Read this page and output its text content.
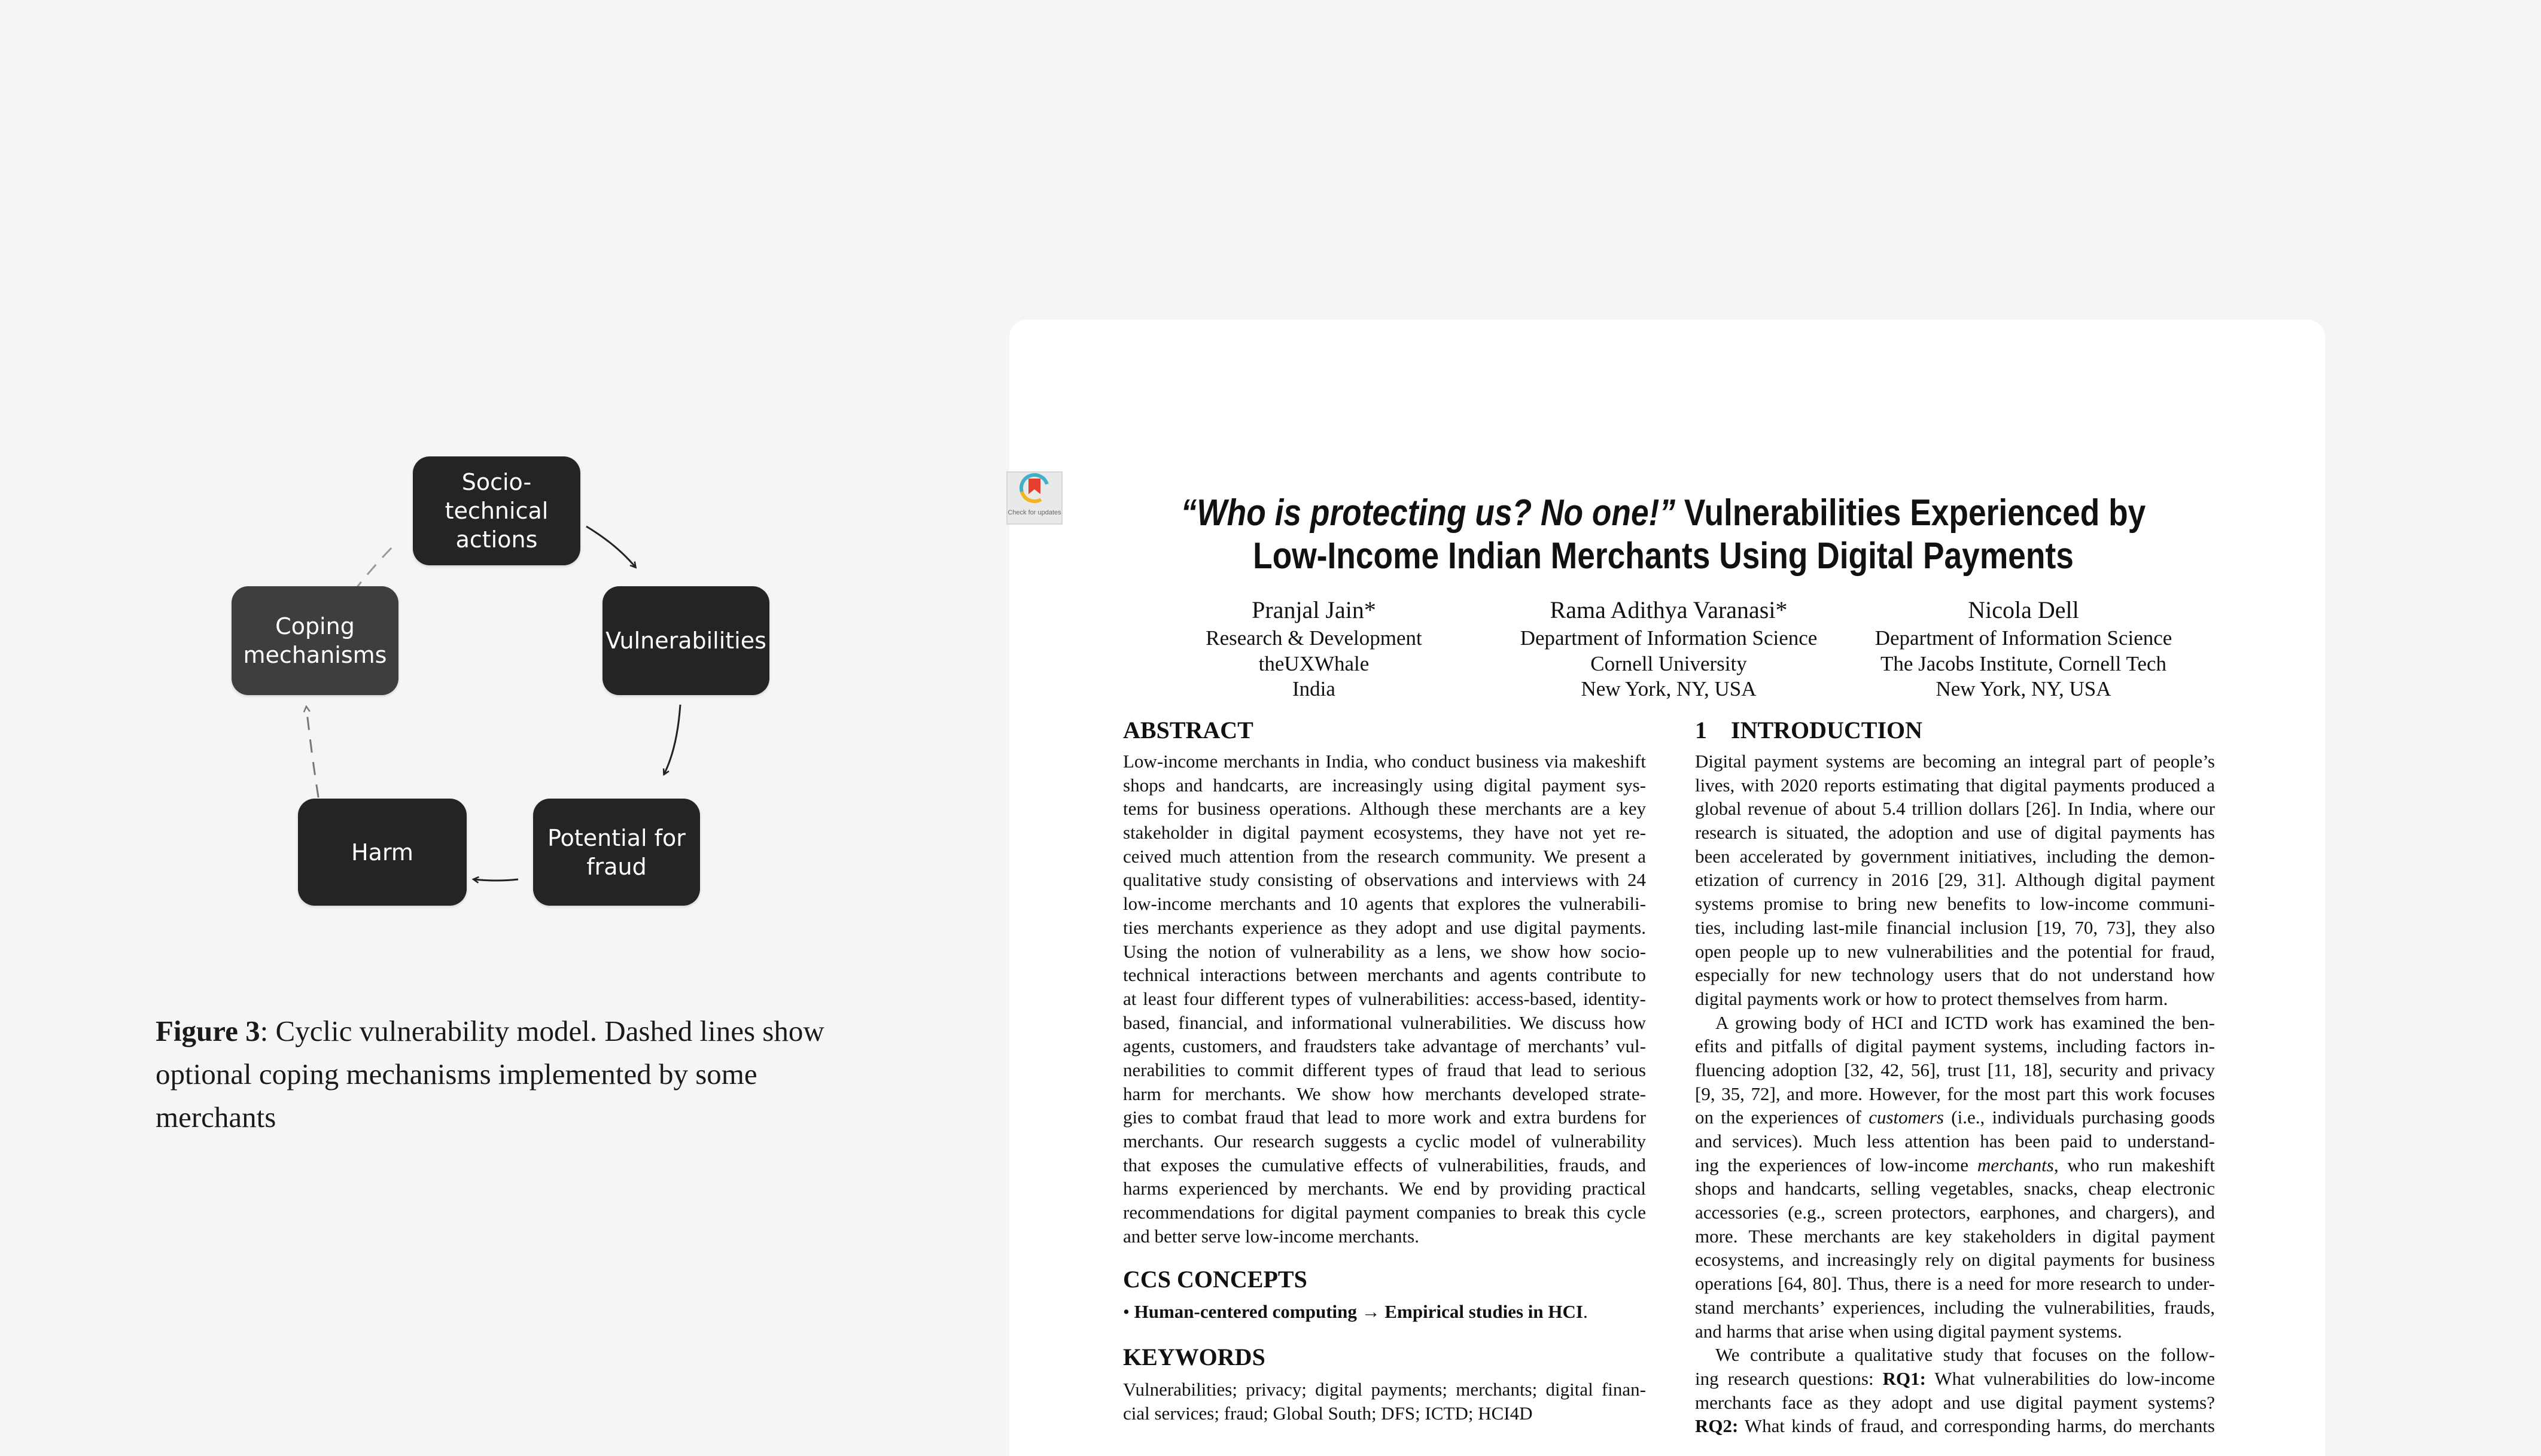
Socio-
technical
actions
Vulnerabilities
Potential for
fraud
Harm
Coping
mechanisms
Figure 3: Cyclic vulnerability model. Dashed lines show optional coping mechanisms implemented by some merchants
Check for updates	“Who is protecting us? No one!” Vulnerabilities Experienced by
Low-Income Indian Merchants Using Digital Payments
Pranjal Jain*
Research & Development
theUXWhale
India
Rama Adithya Varanasi*
Department of Information Science
Cornell University
New York, NY, USA
Nicola Dell
Department of Information Science
The Jacobs Institute, Cornell Tech
New York, NY, USA
ABSTRACT
Low-income merchants in India, who conduct business via makeshift
shops and handcarts, are increasingly using digital payment sys-
tems for business operations. Although these merchants are a key
stakeholder in digital payment ecosystems, they have not yet re-
ceived much attention from the research community. We present a
qualitative study consisting of observations and interviews with 24
low-income merchants and 10 agents that explores the vulnerabili-
ties merchants experience as they adopt and use digital payments.
Using the notion of vulnerability as a lens, we show how socio-
technical interactions between merchants and agents contribute to
at least four different types of vulnerabilities: access-based, identity-
based, financial, and informational vulnerabilities. We discuss how
agents, customers, and fraudsters take advantage of merchants’ vul-
nerabilities to commit different types of fraud that lead to serious
harm for merchants. We show how merchants developed strate-
gies to combat fraud that lead to more work and extra burdens for
merchants. Our research suggests a cyclic model of vulnerability
that exposes the cumulative effects of vulnerabilities, frauds, and
harms experienced by merchants. We end by providing practical
recommendations for digital payment companies to break this cycle
and better serve low-income merchants.
CCS CONCEPTS
• Human-centered computing → Empirical studies in HCI.
KEYWORDS
Vulnerabilities; privacy; digital payments; merchants; digital finan-
cial services; fraud; Global South; DFS; ICTD; HCI4D
1 INTRODUCTION
Digital payment systems are becoming an integral part of people’s
lives, with 2020 reports estimating that digital payments produced a
global revenue of about 5.4 trillion dollars [26]. In India, where our
research is situated, the adoption and use of digital payments has
been accelerated by government initiatives, including the demon-
etization of currency in 2016 [29, 31]. Although digital payment
systems promise to bring new benefits to low-income communi-
ties, including last-mile financial inclusion [19, 70, 73], they also
open people up to new vulnerabilities and the potential for fraud,
especially for new technology users that do not understand how
digital payments work or how to protect themselves from harm.
A growing body of HCI and ICTD work has examined the ben-
efits and pitfalls of digital payment systems, including factors in-
fluencing adoption [32, 42, 56], trust [11, 18], security and privacy
[9, 35, 72], and more. However, for the most part this work focuses
on the experiences of customers (i.e., individuals purchasing goods
and services). Much less attention has been paid to understand-
ing the experiences of low-income merchants, who run makeshift
shops and handcarts, selling vegetables, snacks, cheap electronic
accessories (e.g., screen protectors, earphones, and chargers), and
more. These merchants are key stakeholders in digital payment
ecosystems, and increasingly rely on digital payments for business
operations [64, 80]. Thus, there is a need for more research to under-
stand merchants’ experiences, including the vulnerabilities, frauds,
and harms that arise when using digital payment systems.
We contribute a qualitative study that focuses on the follow-
ing research questions: RQ1: What vulnerabilities do low-income
merchants face as they adopt and use digital payment systems?
RQ2: What kinds of fraud, and corresponding harms, do merchants
